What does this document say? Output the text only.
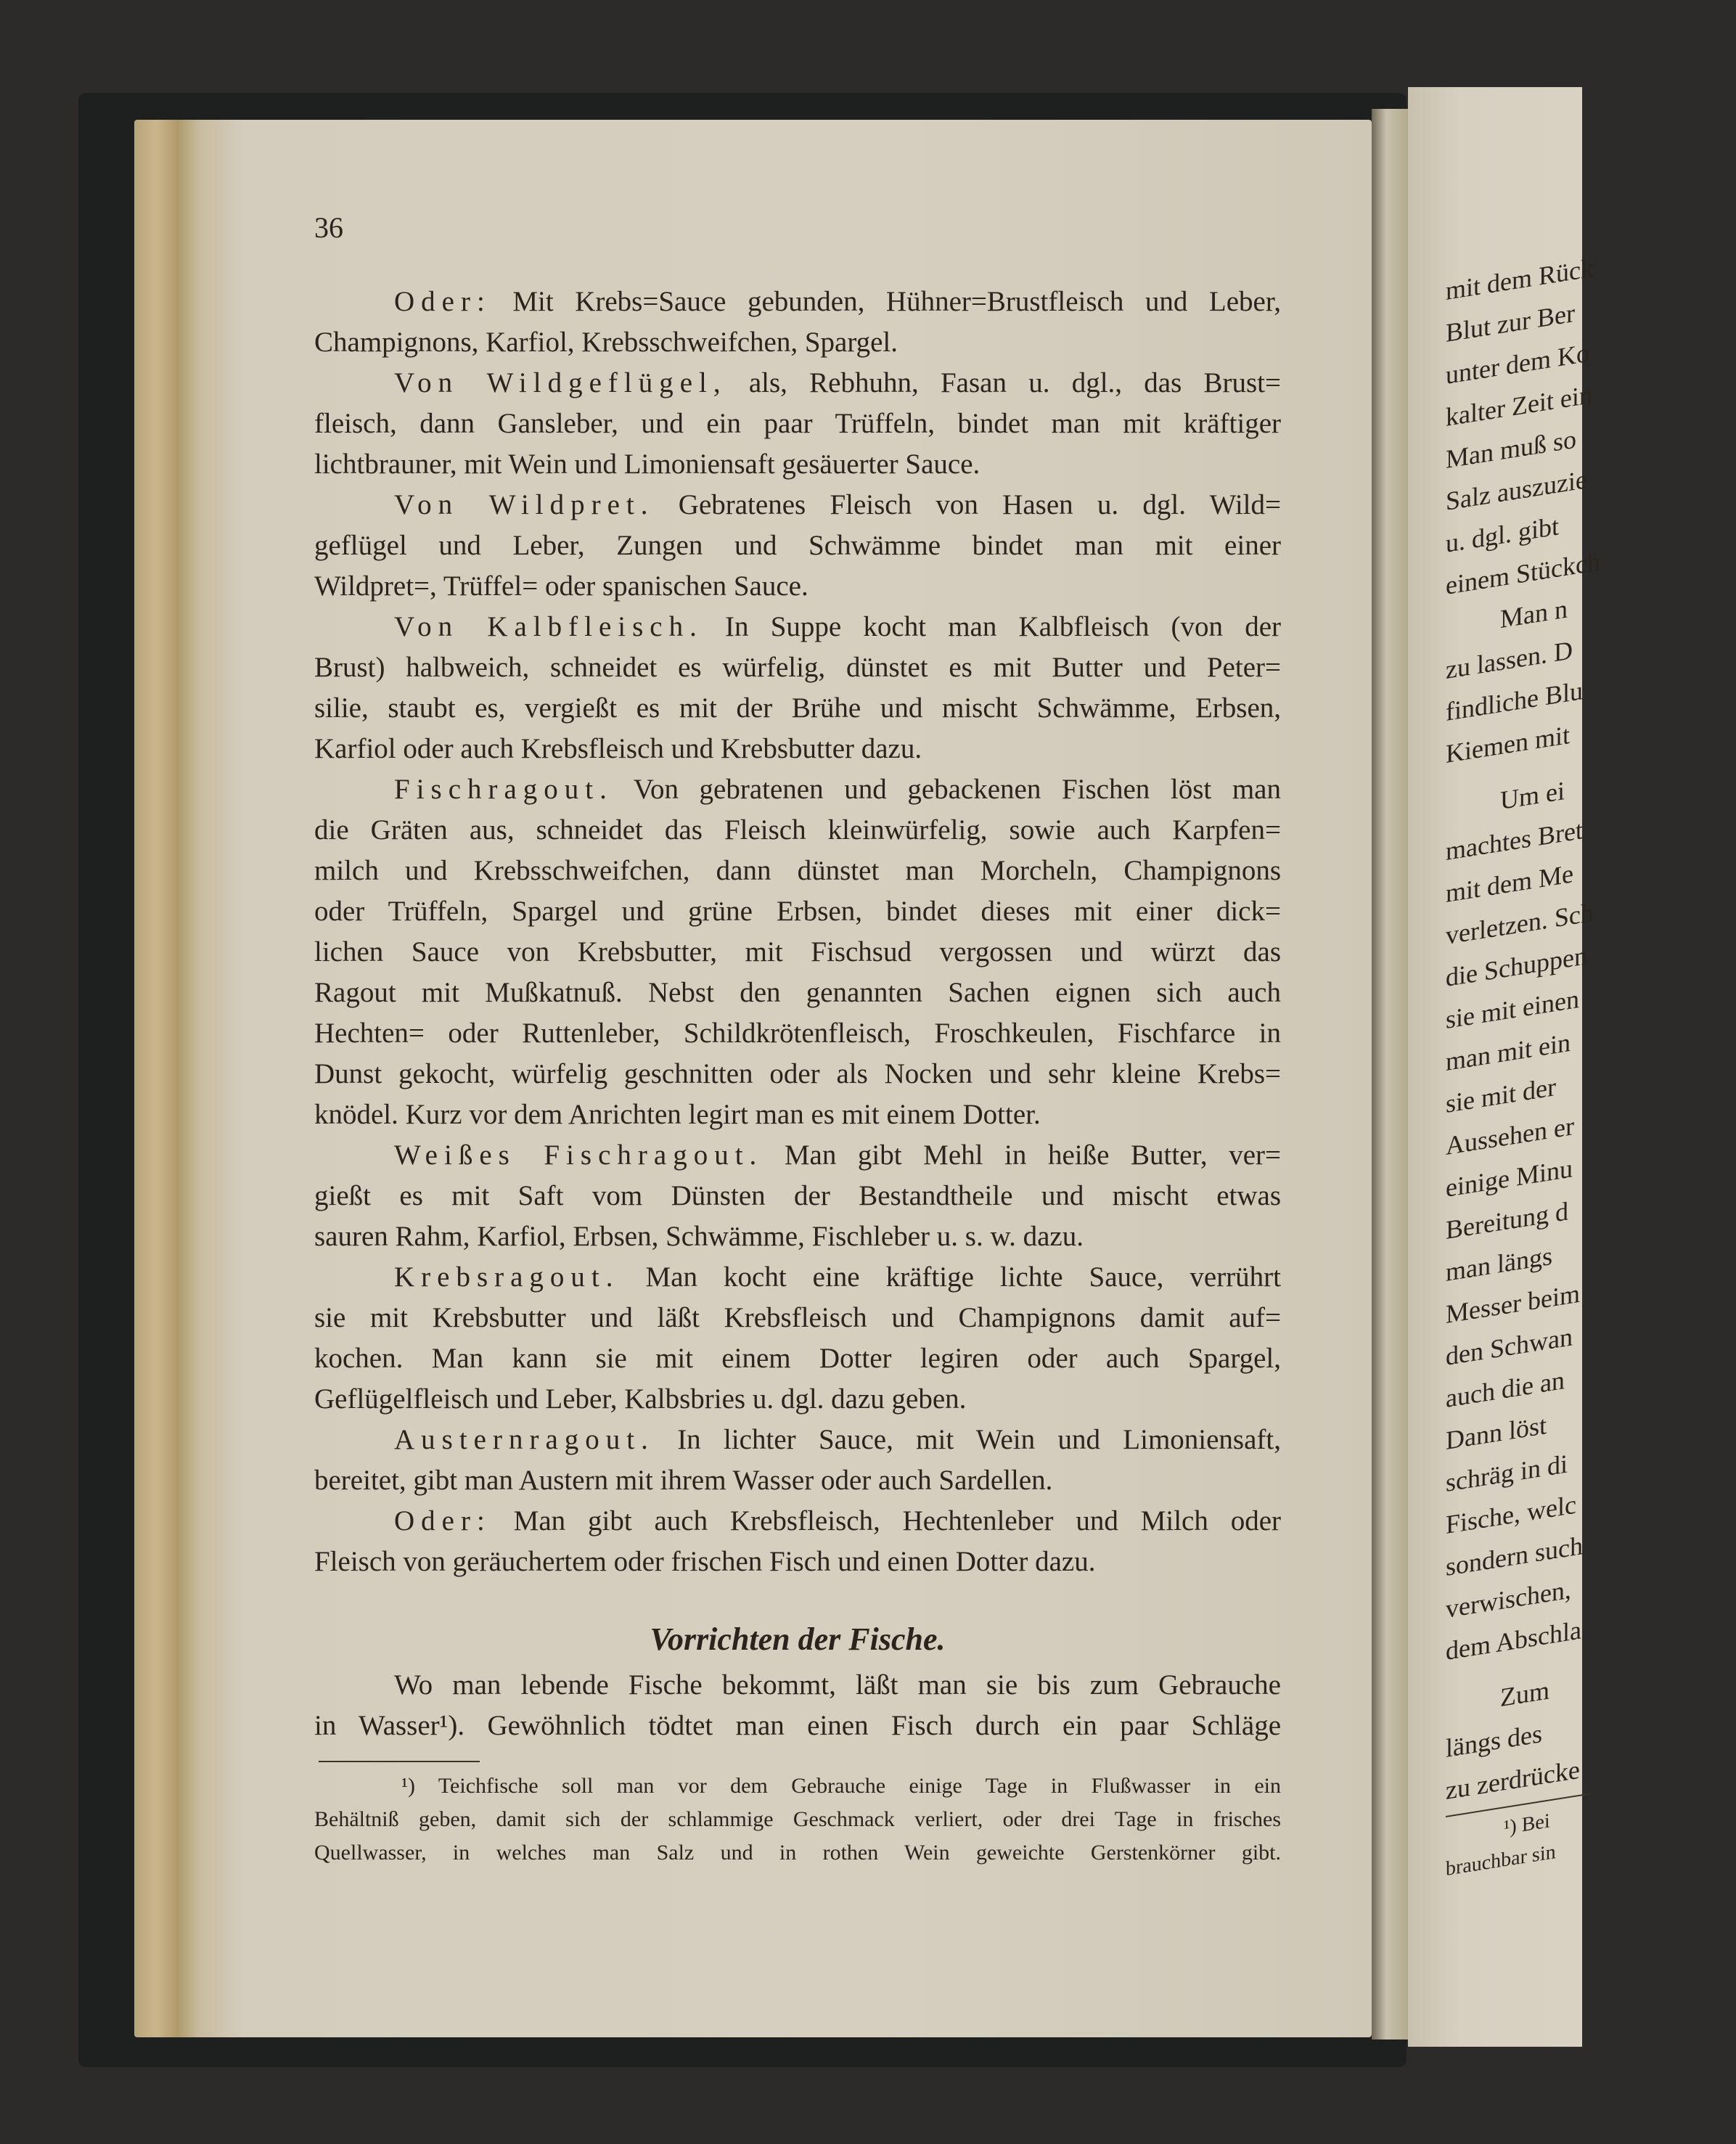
36
Oder: Mit Krebs=Sauce gebunden, Hühner=Brustfleisch und Leber,
Champignons, Karfiol, Krebsschweifchen, Spargel.
Von Wildgeflügel, als, Rebhuhn, Fasan u. dgl., das Brust=
fleisch, dann Gansleber, und ein paar Trüffeln, bindet man mit kräftiger
lichtbrauner, mit Wein und Limoniensaft gesäuerter Sauce.
Von Wildpret. Gebratenes Fleisch von Hasen u. dgl. Wild=
geflügel und Leber, Zungen und Schwämme bindet man mit einer
Wildpret=, Trüffel= oder spanischen Sauce.
Von Kalbfleisch. In Suppe kocht man Kalbfleisch (von der
Brust) halbweich, schneidet es würfelig, dünstet es mit Butter und Peter=
silie, staubt es, vergießt es mit der Brühe und mischt Schwämme, Erbsen,
Karfiol oder auch Krebsfleisch und Krebsbutter dazu.
Fischragout. Von gebratenen und gebackenen Fischen löst man
die Gräten aus, schneidet das Fleisch kleinwürfelig, sowie auch Karpfen=
milch und Krebsschweifchen, dann dünstet man Morcheln, Champignons
oder Trüffeln, Spargel und grüne Erbsen, bindet dieses mit einer dick=
lichen Sauce von Krebsbutter, mit Fischsud vergossen und würzt das
Ragout mit Mußkatnuß. Nebst den genannten Sachen eignen sich auch
Hechten= oder Ruttenleber, Schildkrötenfleisch, Froschkeulen, Fischfarce in
Dunst gekocht, würfelig geschnitten oder als Nocken und sehr kleine Krebs=
knödel. Kurz vor dem Anrichten legirt man es mit einem Dotter.
Weißes Fischragout. Man gibt Mehl in heiße Butter, ver=
gießt es mit Saft vom Dünsten der Bestandtheile und mischt etwas
sauren Rahm, Karfiol, Erbsen, Schwämme, Fischleber u. s. w. dazu.
Krebsragout. Man kocht eine kräftige lichte Sauce, verrührt
sie mit Krebsbutter und läßt Krebsfleisch und Champignons damit auf=
kochen. Man kann sie mit einem Dotter legiren oder auch Spargel,
Geflügelfleisch und Leber, Kalbsbries u. dgl. dazu geben.
Austernragout. In lichter Sauce, mit Wein und Limoniensaft,
bereitet, gibt man Austern mit ihrem Wasser oder auch Sardellen.
Oder: Man gibt auch Krebsfleisch, Hechtenleber und Milch oder
Fleisch von geräuchertem oder frischen Fisch und einen Dotter dazu.
Vorrichten der Fische.
Wo man lebende Fische bekommt, läßt man sie bis zum Gebrauche
in Wasser¹). Gewöhnlich tödtet man einen Fisch durch ein paar Schläge
¹) Teichfische soll man vor dem Gebrauche einige Tage in Flußwasser in ein
Behältniß geben, damit sich der schlammige Geschmack verliert, oder drei Tage in frisches
Quellwasser, in welches man Salz und in rothen Wein geweichte Gerstenkörner gibt.
mit dem Rück
Blut zur Ber
unter dem Ko
kalter Zeit ein
Man muß so
Salz auszuzie
u. dgl. gibt
einem Stückch
Man n
zu lassen. D
findliche Blu
Kiemen mit
Um ei
machtes Bret
mit dem Me
verletzen. Sch
die Schuppen
sie mit einen
man mit ein
sie mit der
Aussehen er
einige Minu
Bereitung d
man längs
Messer beim
den Schwan
auch die an
Dann löst
schräg in di
Fische, welc
sondern such
verwischen,
dem Abschla
Zum
längs des
zu zerdrücke
¹) Bei
brauchbar sin
